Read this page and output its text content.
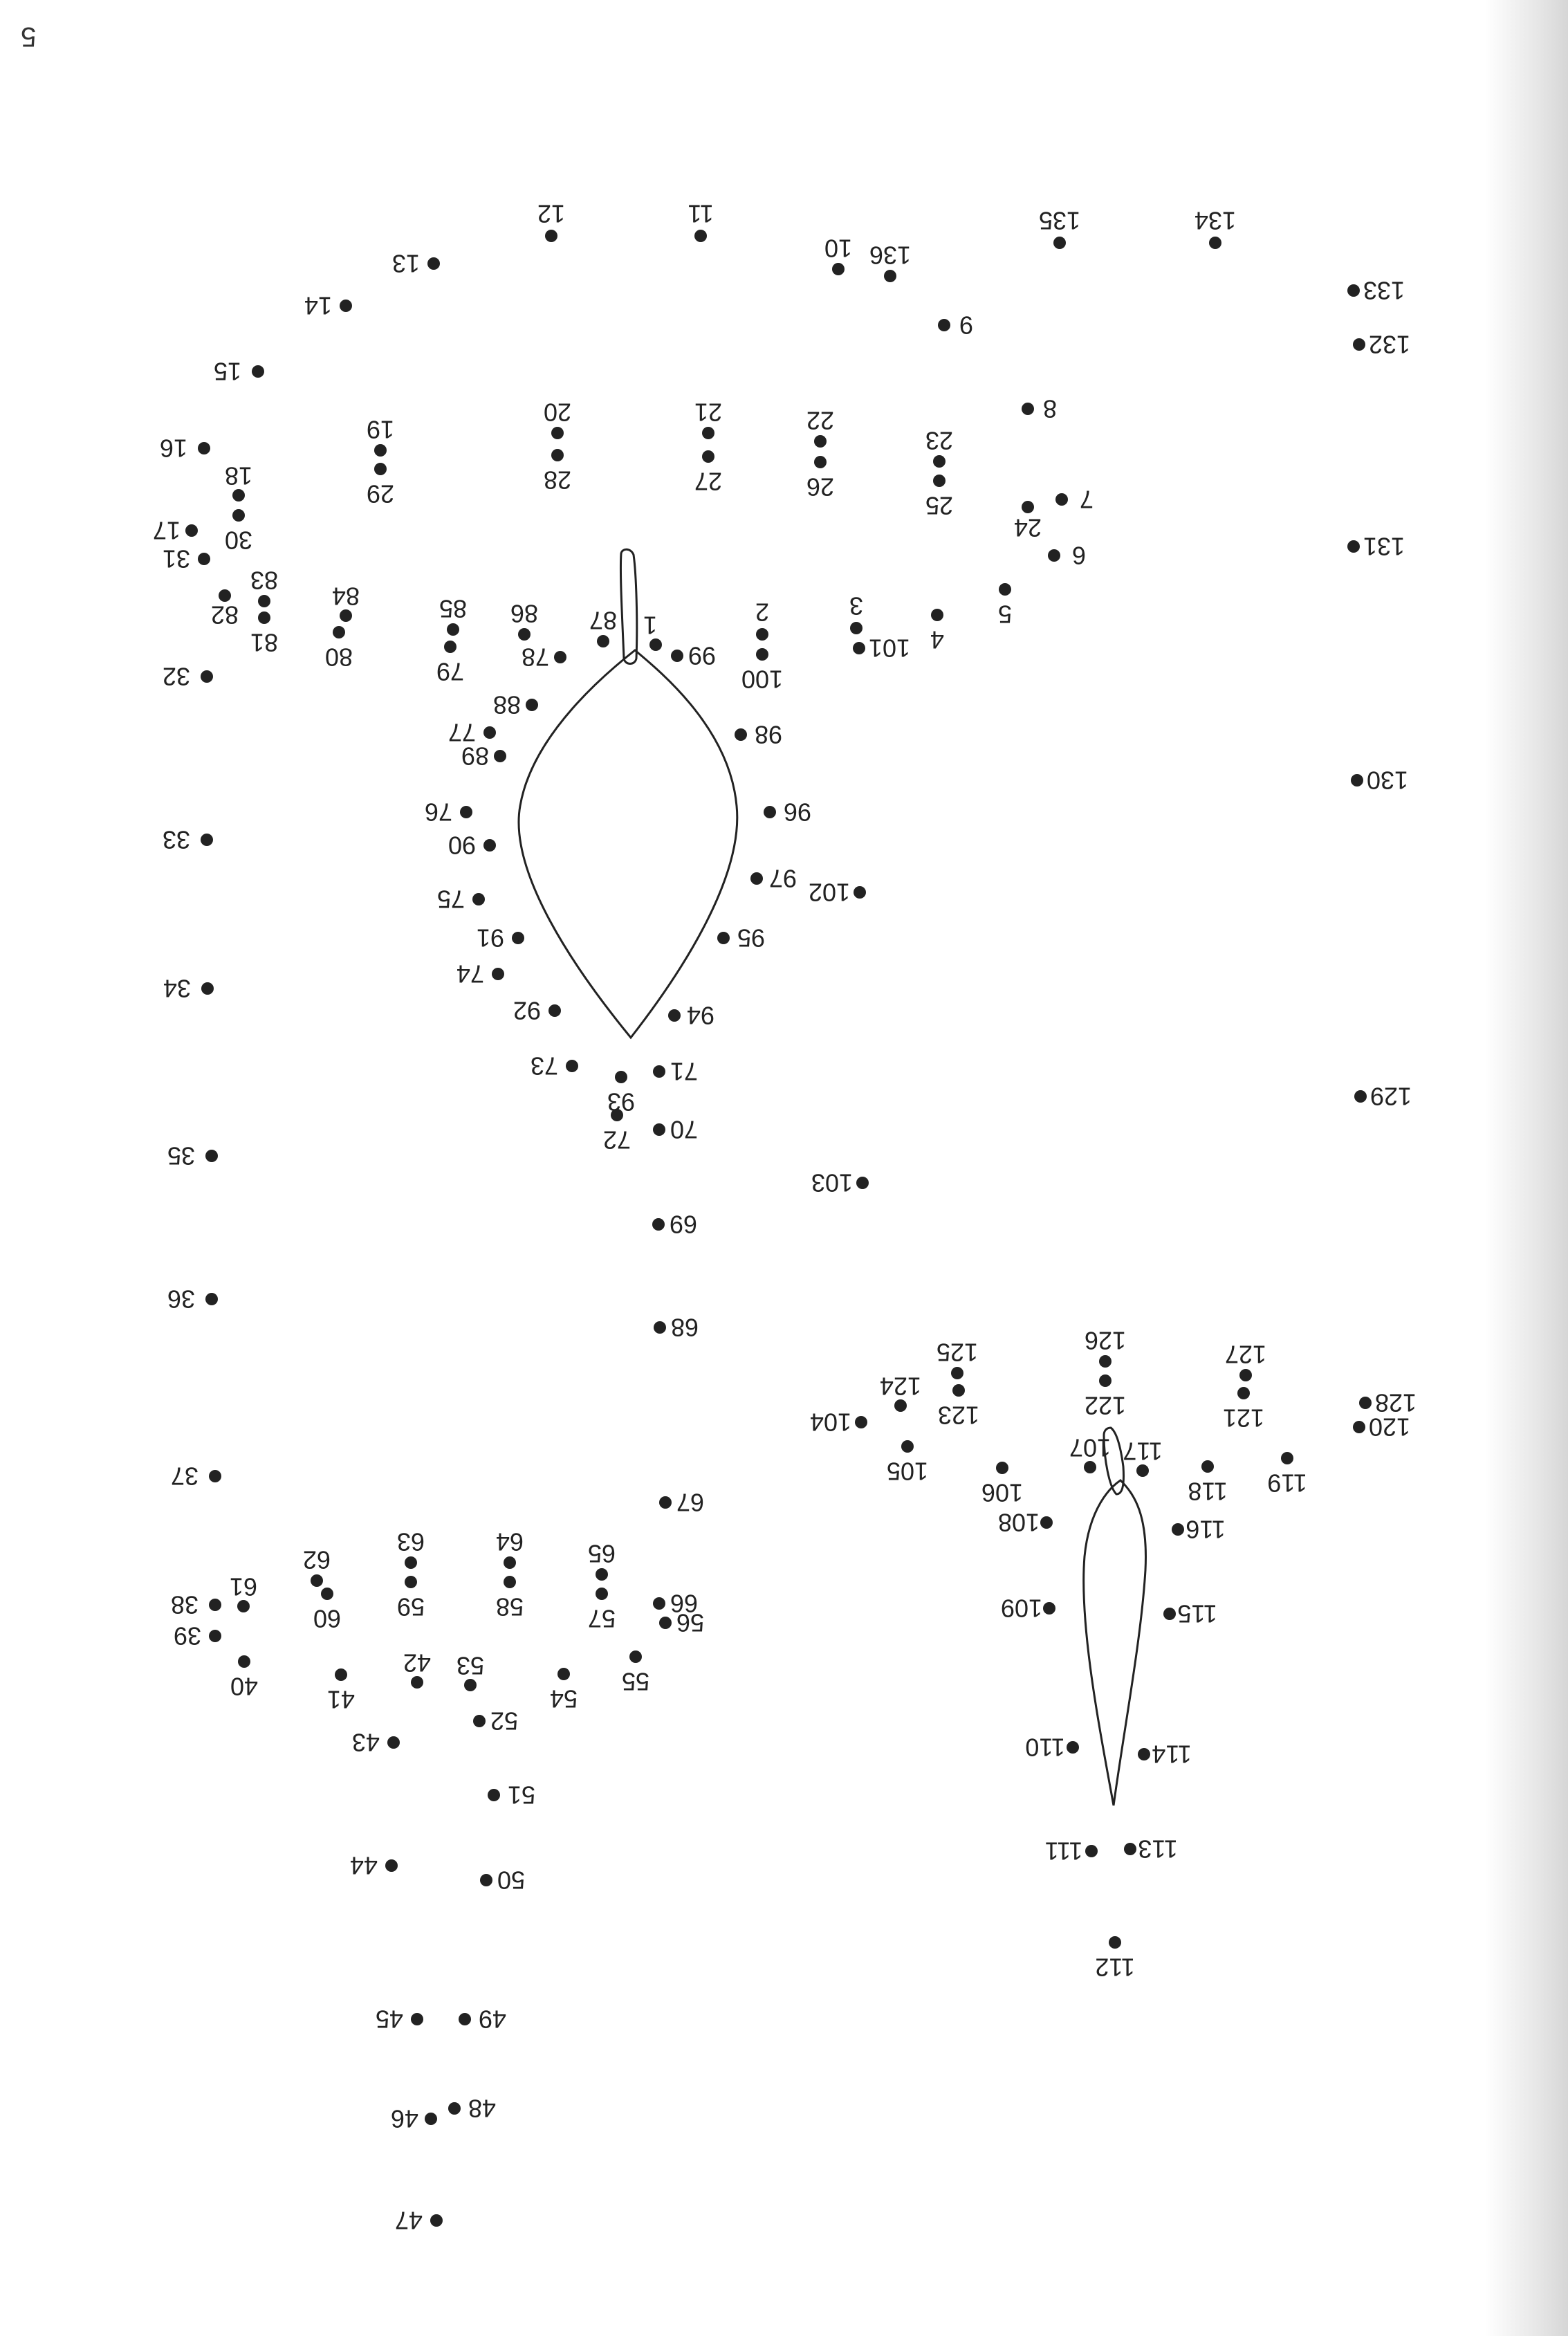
5
1	2	3
4
5
6
7
8
9
10
11
12
13
14
15
16
17
18
19
20	21	22
23
24
25
26
27
28
29
30
31
32
33
34
35
36
37
38
39
40	41
42
43
44
45
46
47
48
49
50
51
52
53
54
55
56
57
58
59
60
61
62
63	64	65
66
67
68
69
70
71
72
73
74
75
76
77
78
79
80
81
82
83
84	85 86 87
88
89
90
91
92
93
94
95
96
97
98
99
100
101
102
103
104
105
106
107
108
109
110
111
112
113
114
115
116
117
118 119
120
121
122
123
124
125	126	127
128
129
130
131
132
133
134
135
136
